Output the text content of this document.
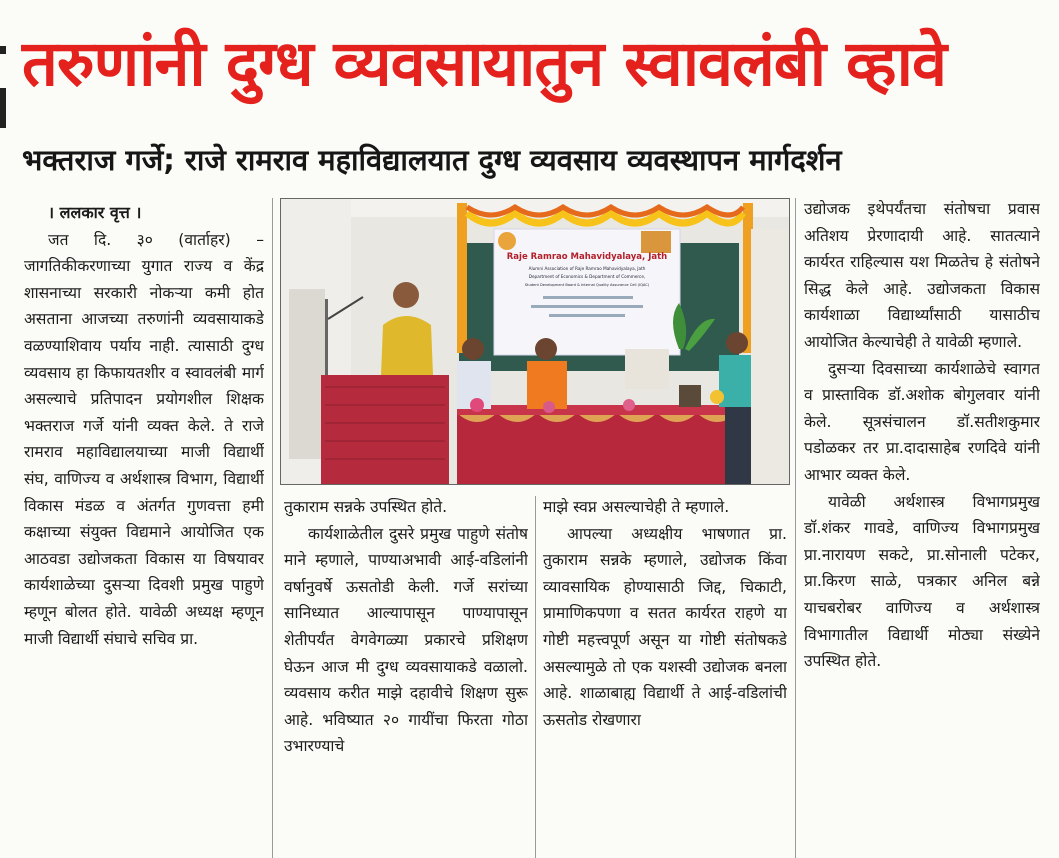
तरुणांनी दुग्ध व्यवसायातुन स्वावलंबी व्हावे
भक्तराज गर्जे; राजे रामराव महाविद्यालयात दुग्ध व्यवसाय व्यवस्थापन मार्गदर्शन

। ललकार वृत्त ।

जत दि. ३० (वार्ताहर) – जागतिकीकरणाच्या युगात राज्य व केंद्र शासनाच्या सरकारी नोकऱ्या कमी होत असताना आजच्या तरुणांनी व्यवसायाकडे वळण्याशिवाय पर्याय नाही. त्यासाठी दुग्ध व्यवसाय हा किफायतशीर व स्वावलंबी मार्ग असल्याचे प्रतिपादन प्रयोगशील शिक्षक भक्तराज गर्जे यांनी व्यक्त केले. ते राजे रामराव महाविद्यालयाच्या माजी विद्यार्थी संघ, वाणिज्य व अर्थशास्त्र विभाग, विद्यार्थी विकास मंडळ व अंतर्गत गुणवत्ता हमी कक्षाच्या संयुक्त विद्यमाने आयोजित एक आठवडा उद्योजकता विकास या विषयावर कार्यशाळेच्या दुसऱ्या दिवशी प्रमुख पाहुणे म्हणून बोलत होते. यावेळी अध्यक्ष म्हणून माजी विद्यार्थी संघाचे सचिव प्रा.

तुकाराम सन्नके उपस्थित होते.

कार्यशाळेतील दुसरे प्रमुख पाहुणे संतोष माने म्हणाले, पाण्याअभावी आई-वडिलांनी वर्षानुवर्षे ऊसतोडी केली. गर्जे सरांच्या सानिध्यात आल्यापासून पाण्यापासून शेतीपर्यंत वेगवेगळ्या प्रकारचे प्रशिक्षण घेऊन आज मी दुग्ध व्यवसायाकडे वळालो. व्यवसाय करीत माझे दहावीचे शिक्षण सुरू आहे. भविष्यात २० गायींचा फिरता गोठा उभारण्याचे

माझे स्वप्न असल्याचेही ते म्हणाले.

आपल्या अध्यक्षीय भाषणात प्रा. तुकाराम सन्नके म्हणाले, उद्योजक किंवा व्यावसायिक होण्यासाठी जिद्द, चिकाटी, प्रामाणिकपणा व सतत कार्यरत राहणे या गोष्टी महत्त्वपूर्ण असून या गोष्टी संतोषकडे असल्यामुळे तो एक यशस्वी उद्योजक बनला आहे. शाळाबाह्य विद्यार्थी ते आई-वडिलांची ऊसतोड रोखणारा

उद्योजक इथेपर्यंतचा संतोषचा प्रवास अतिशय प्रेरणादायी आहे. सातत्याने कार्यरत राहिल्यास यश मिळतेच हे संतोषने सिद्ध केले आहे. उद्योजकता विकास कार्यशाळा विद्यार्थ्यांसाठी यासाठीच आयोजित केल्याचेही ते यावेळी म्हणाले.

दुसऱ्या दिवसाच्या कार्यशाळेचे स्वागत व प्रास्ताविक डॉ.अशोक बोगुलवार यांनी केले. सूत्रसंचालन डॉ.सतीशकुमार पडोळकर तर प्रा.दादासाहेब रणदिवे यांनी आभार व्यक्त केले.

यावेळी अर्थशास्त्र विभागप्रमुख डॉ.शंकर गावडे, वाणिज्य विभागप्रमुख प्रा.नारायण सकटे, प्रा.सोनाली पटेकर, प्रा.किरण साळे, पत्रकार अनिल बन्ने याचबरोबर वाणिज्य व अर्थशास्त्र विभागातील विद्यार्थी मोठ्या संख्येने उपस्थित होते.

Raje Ramrao Mahavidyalaya, Jath
Alumni Association of Raje Ramrao Mahavidyalaya, Jath
Department of Economics & Department of Commerce,
Student Development Board & Internal Quality Assurance Cell (IQAC)
